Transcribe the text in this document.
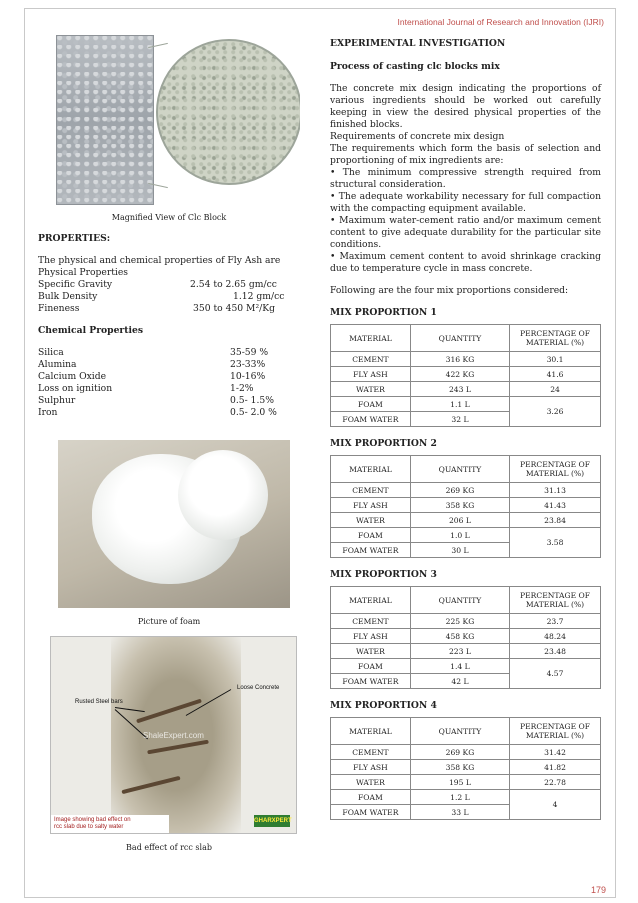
International Journal of Research and Innovation (IJRI)
Magnified View of Clc Block
PROPERTIES:
The physical and chemical properties of Fly Ash are
Physical Properties
Specific Gravity	2.54 to 2.65 gm/cc
Bulk Density	1.12 gm/cc
Fineness	350 to 450 M²/Kg
Chemical Properties
Silica	35-59 %
Alumina	23-33%
Calcium Oxide	10-16%
Loss on ignition	1-2%
Sulphur	0.5- 1.5%
Iron	0.5- 2.0 %
Picture of foam
Rusted Steel bars
Loose Concrete
ShaleExpert.com
Image showing bad effect on
rcc slab due to salty water
GHARXPERT
Bad effect of rcc slab
EXPERIMENTAL INVESTIGATION
Process of casting clc blocks mix
The concrete mix design indicating the proportions of various ingredients should be worked out carefully keeping in view the desired physical properties of the finished blocks.
Requirements of concrete mix design
The requirements which form the basis of selection and proportioning of mix ingredients are:
• The minimum compressive strength required from structural consideration.
• The adequate workability necessary for full compaction with the compacting equipment available.
• Maximum water-cement ratio and/or maximum cement content to give adequate durability for the particular site conditions.
• Maximum cement content to avoid shrinkage cracking due to temperature cycle in mass concrete.
Following are the four mix proportions considered:
MIX PROPORTION 1
MATERIAL	QUANTITY	PERCENTAGE OF MATERIAL (%)
CEMENT	316 KG	30.1
FLY ASH	422 KG	41.6
WATER	243 L	24
FOAM	1.1 L	3.26
FOAM WATER	32 L	
MIX PROPORTION 2
MATERIAL	QUANTITY	PERCENTAGE OF MATERIAL (%)
CEMENT	269 KG	31.13
FLY ASH	358 KG	41.43
WATER	206 L	23.84
FOAM	1.0 L	3.58
FOAM WATER	30 L	
MIX PROPORTION 3
MATERIAL	QUANTITY	PERCENTAGE OF MATERIAL (%)
CEMENT	225 KG	23.7
FLY ASH	458 KG	48.24
WATER	223 L	23.48
FOAM	1.4 L	4.57
FOAM WATER	42 L	
MIX PROPORTION 4
MATERIAL	QUANTITY	PERCENTAGE OF MATERIAL (%)
CEMENT	269 KG	31.42
FLY ASH	358 KG	41.82
WATER	195 L	22.78
FOAM	1.2 L	4
FOAM WATER	33 L	
179
